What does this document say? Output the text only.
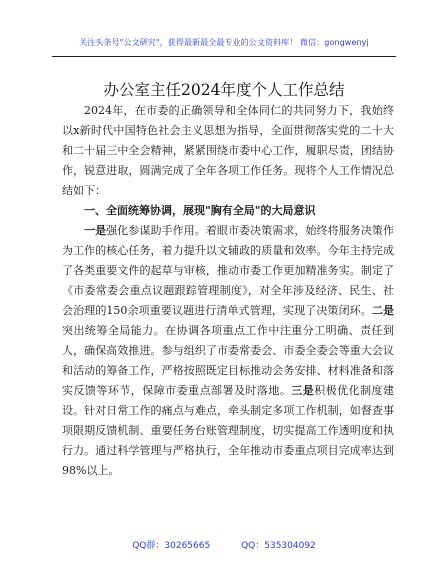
关注头条号"公文研究"，获得最新最全最专业的公文资料库！ 微信：gongwenyj
办公室主任2024年度个人工作总结

2024年，在市委的正确领导和全体同仁的共同努力下，我始终以x新时代中国特色社会主义思想为指导，全面贯彻落实党的二十大和二十届三中全会精神，紧紧围绕市委中心工作，履职尽责，团结协作，锐意进取，圆满完成了全年各项工作任务。现将个人工作情况总结如下：

一、全面统筹协调，展现"胸有全局"的大局意识

一是强化参谋助手作用。着眼市委决策需求，始终将服务决策作为工作的核心任务，着力提升以文辅政的质量和效率。今年主持完成了各类重要文件的起草与审核，推动市委工作更加精准务实。制定了《市委常委会重点议题跟踪管理制度》，对全年涉及经济、民生、社会治理的150余项重要议题进行清单式管理，实现了决策闭环。二是突出统筹全局能力。在协调各项重点工作中注重分工明确、责任到人，确保高效推进。参与组织了市委常委会、市委全委会等重大会议和活动的筹备工作，严格按照既定目标推动会务安排、材料准备和落实反馈等环节，保障市委重点部署及时落地。三是积极优化制度建设。针对日常工作的痛点与难点，牵头制定多项工作机制，如督查事项限期反馈机制、重要任务台账管理制度，切实提高工作透明度和执行力。通过科学管理与严格执行，全年推动市委重点项目完成率达到98%以上。

QQ群：30265665	QQ：535304092
